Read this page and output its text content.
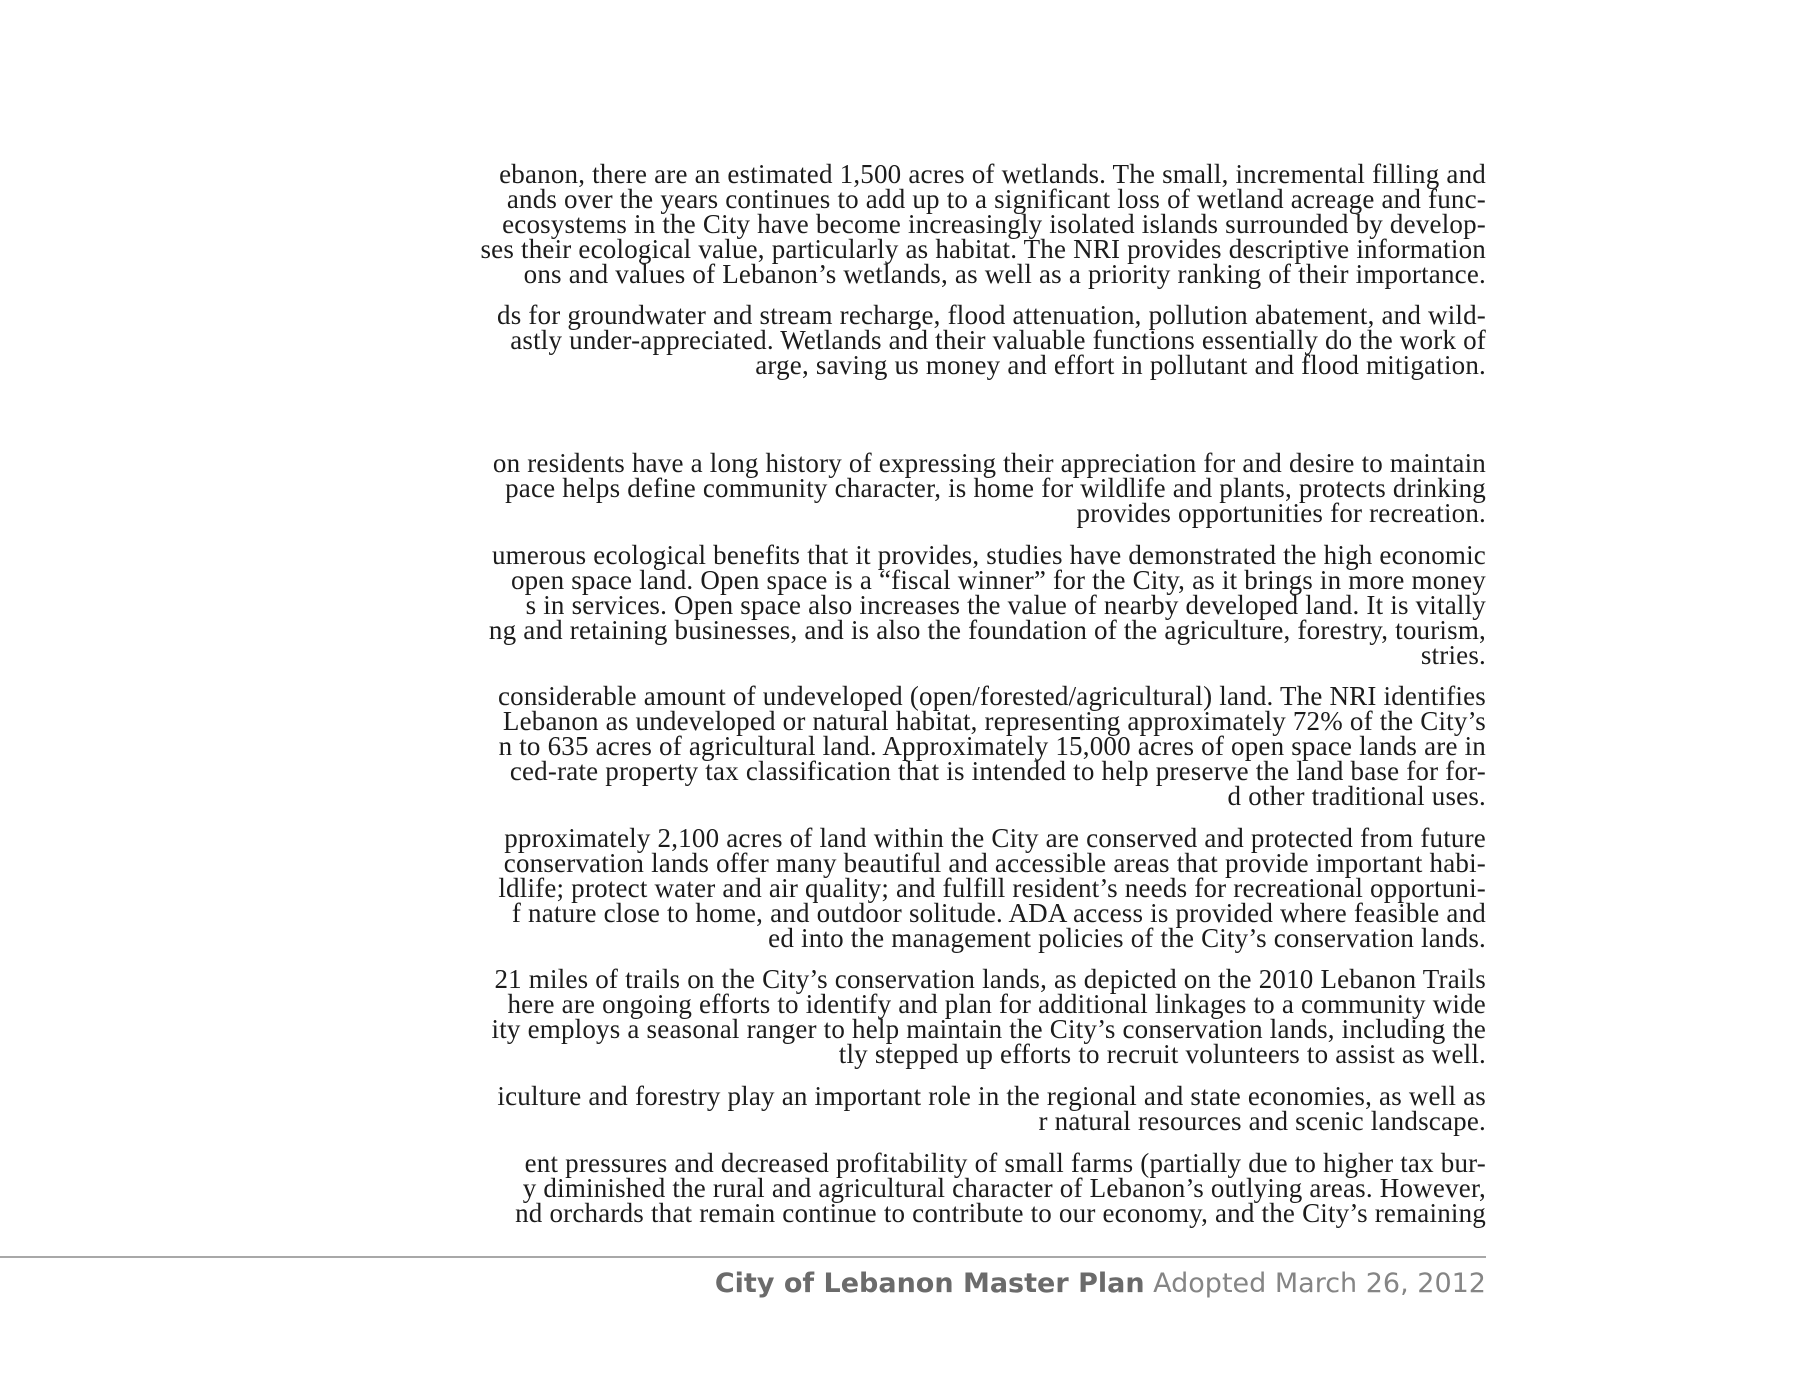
ebanon, there are an estimated 1,500 acres of wetlands. The small, incremental filling and
ands over the years continues to add up to a significant loss of wetland acreage and func-
ecosystems in the City have become increasingly isolated islands surrounded by develop-
ses their ecological value, particularly as habitat. The NRI provides descriptive information
ons and values of Lebanon’s wetlands, as well as a priority ranking of their importance.
ds for groundwater and stream recharge, flood attenuation, pollution abatement, and wild-
astly under-appreciated. Wetlands and their valuable functions essentially do the work of
arge, saving us money and effort in pollutant and flood mitigation.
on residents have a long history of expressing their appreciation for and desire to maintain
pace helps define community character, is home for wildlife and plants, protects drinking
provides opportunities for recreation.
umerous ecological benefits that it provides, studies have demonstrated the high economic
open space land. Open space is a “fiscal winner” for the City, as it brings in more money
s in services. Open space also increases the value of nearby developed land. It is vitally
ng and retaining businesses, and is also the foundation of the agriculture, forestry, tourism,
stries.
considerable amount of undeveloped (open/forested/agricultural) land. The NRI identifies
Lebanon as undeveloped or natural habitat, representing approximately 72% of the City’s
n to 635 acres of agricultural land. Approximately 15,000 acres of open space lands are in
ced-rate property tax classification that is intended to help preserve the land base for for-
d other traditional uses.
pproximately 2,100 acres of land within the City are conserved and protected from future
conservation lands offer many beautiful and accessible areas that provide important habi-
ldlife; protect water and air quality; and fulfill resident’s needs for recreational opportuni-
f nature close to home, and outdoor solitude. ADA access is provided where feasible and
ed into the management policies of the City’s conservation lands.
21 miles of trails on the City’s conservation lands, as depicted on the 2010 Lebanon Trails
here are ongoing efforts to identify and plan for additional linkages to a community wide
ity employs a seasonal ranger to help maintain the City’s conservation lands, including the
tly stepped up efforts to recruit volunteers to assist as well.
iculture and forestry play an important role in the regional and state economies, as well as
r natural resources and scenic landscape.
ent pressures and decreased profitability of small farms (partially due to higher tax bur-
y diminished the rural and agricultural character of Lebanon’s outlying areas. However,
nd orchards that remain continue to contribute to our economy, and the City’s remaining
City of Lebanon Master Plan Adopted March 26, 2012
